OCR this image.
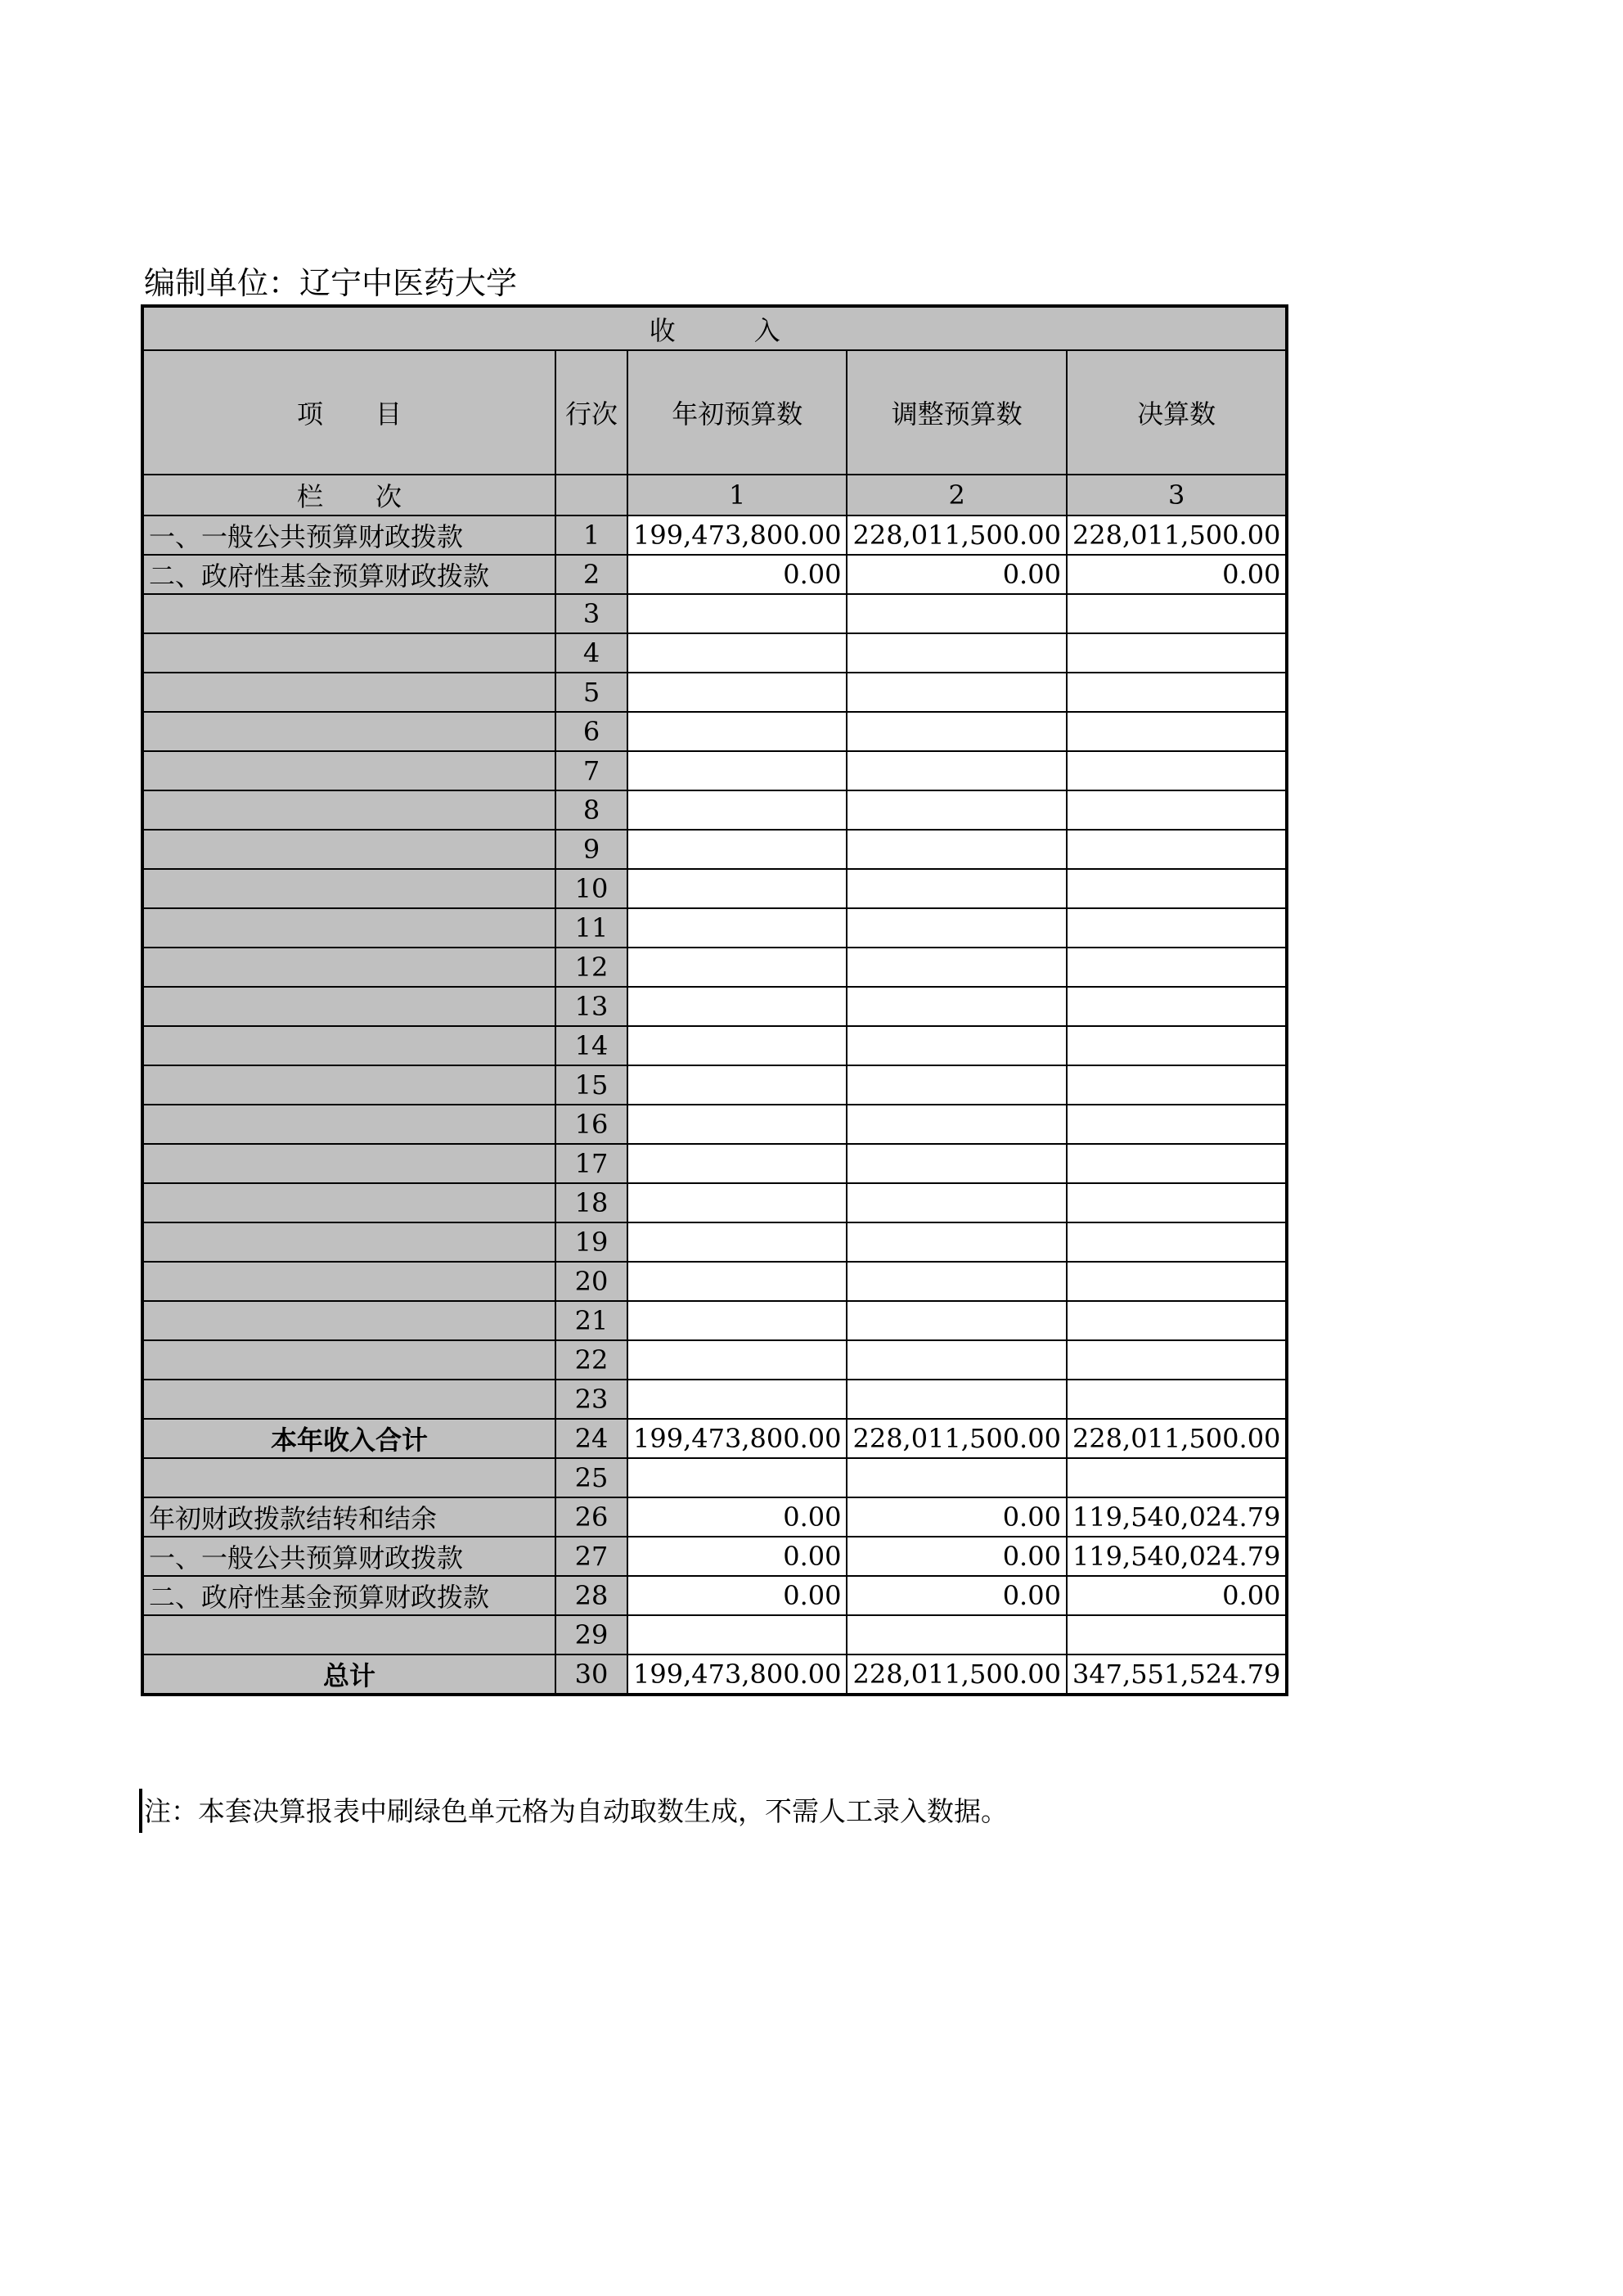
编制单位：辽宁中医药大学
收　　　入				
项　　目	行次	年初预算数	调整预算数	决算数
栏　　次		1	2	3
一、一般公共预算财政拨款	1	199,473,800.00	228,011,500.00	228,011,500.00
二、政府性基金预算财政拨款	2	0.00	0.00	0.00
	3			
	4			
	5			
	6			
	7			
	8			
	9			
	10			
	11			
	12			
	13			
	14			
	15			
	16			
	17			
	18			
	19			
	20			
	21			
	22			
	23			
本年收入合计	24	199,473,800.00	228,011,500.00	228,011,500.00
	25			
年初财政拨款结转和结余	26	0.00	0.00	119,540,024.79
一、一般公共预算财政拨款	27	0.00	0.00	119,540,024.79
二、政府性基金预算财政拨款	28	0.00	0.00	0.00
	29			
总计	30	199,473,800.00	228,011,500.00	347,551,524.79
注：本套决算报表中刷绿色单元格为自动取数生成，不需人工录入数据。
